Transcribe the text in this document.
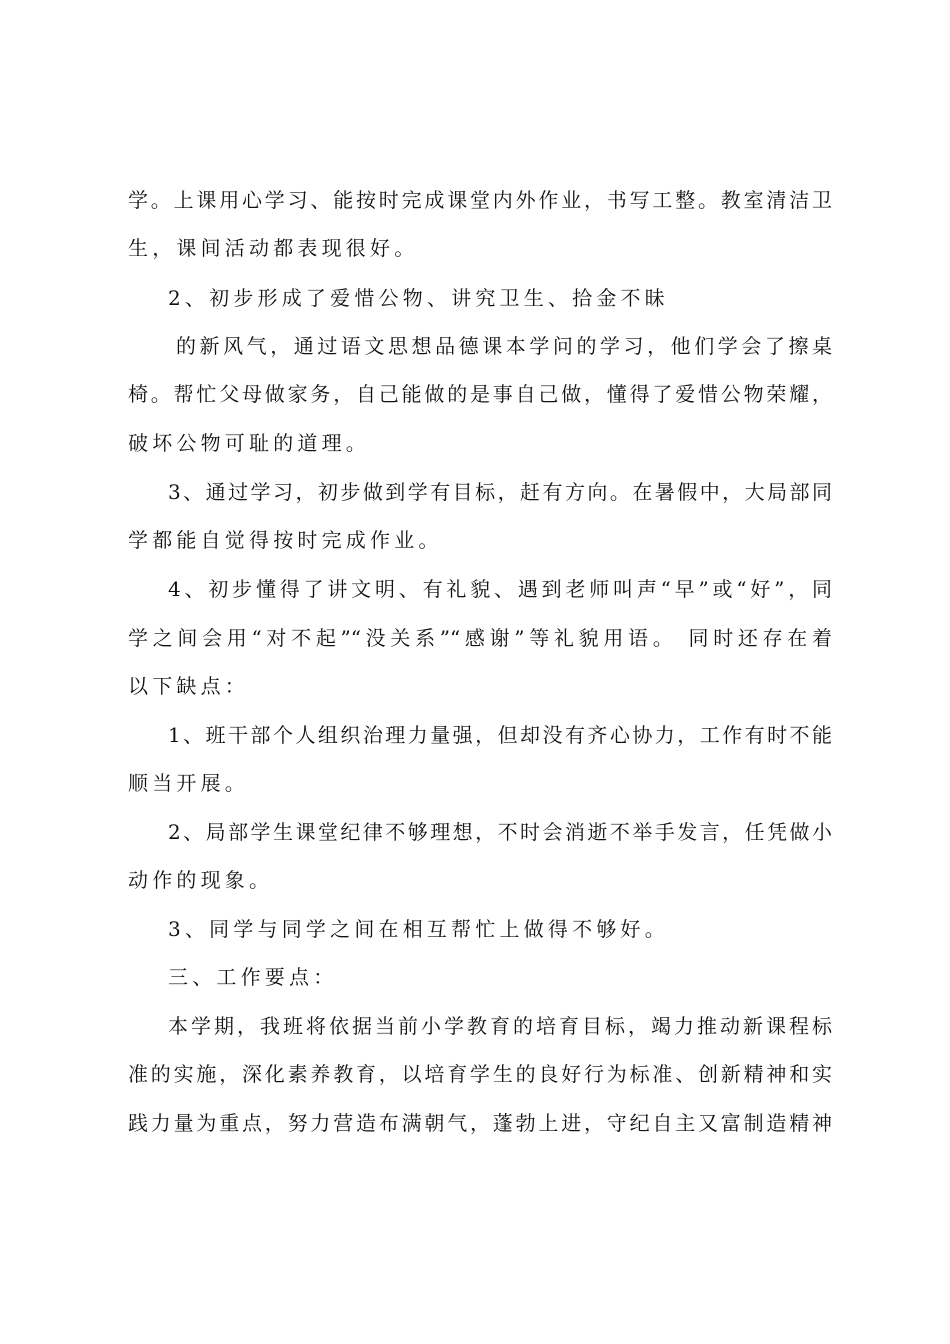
学。上课用心学习、能按时完成课堂内外作业，书写工整。教室清洁卫
生，课间活动都表现很好。
2、初步形成了爱惜公物、讲究卫生、拾金不昧
的新风气，通过语文思想品德课本学问的学习，他们学会了擦桌
椅。帮忙父母做家务，自己能做的是事自己做，懂得了爱惜公物荣耀，
破坏公物可耻的道理。
3、通过学习，初步做到学有目标，赶有方向。在暑假中，大局部同
学都能自觉得按时完成作业。
4、初步懂得了讲文明、有礼貌、遇到老师叫声“早”或“好”，同
学之间会用“对不起”“没关系”“感谢”等礼貌用语。 同时还存在着
以下缺点：
1、班干部个人组织治理力量强，但却没有齐心协力，工作有时不能
顺当开展。
2、局部学生课堂纪律不够理想，不时会消逝不举手发言，任凭做小
动作的现象。
3、同学与同学之间在相互帮忙上做得不够好。
三、工作要点：
本学期，我班将依据当前小学教育的培育目标，竭力推动新课程标
准的实施，深化素养教育，以培育学生的良好行为标准、创新精神和实
践力量为重点，努力营造布满朝气，蓬勃上进，守纪自主又富制造精神
